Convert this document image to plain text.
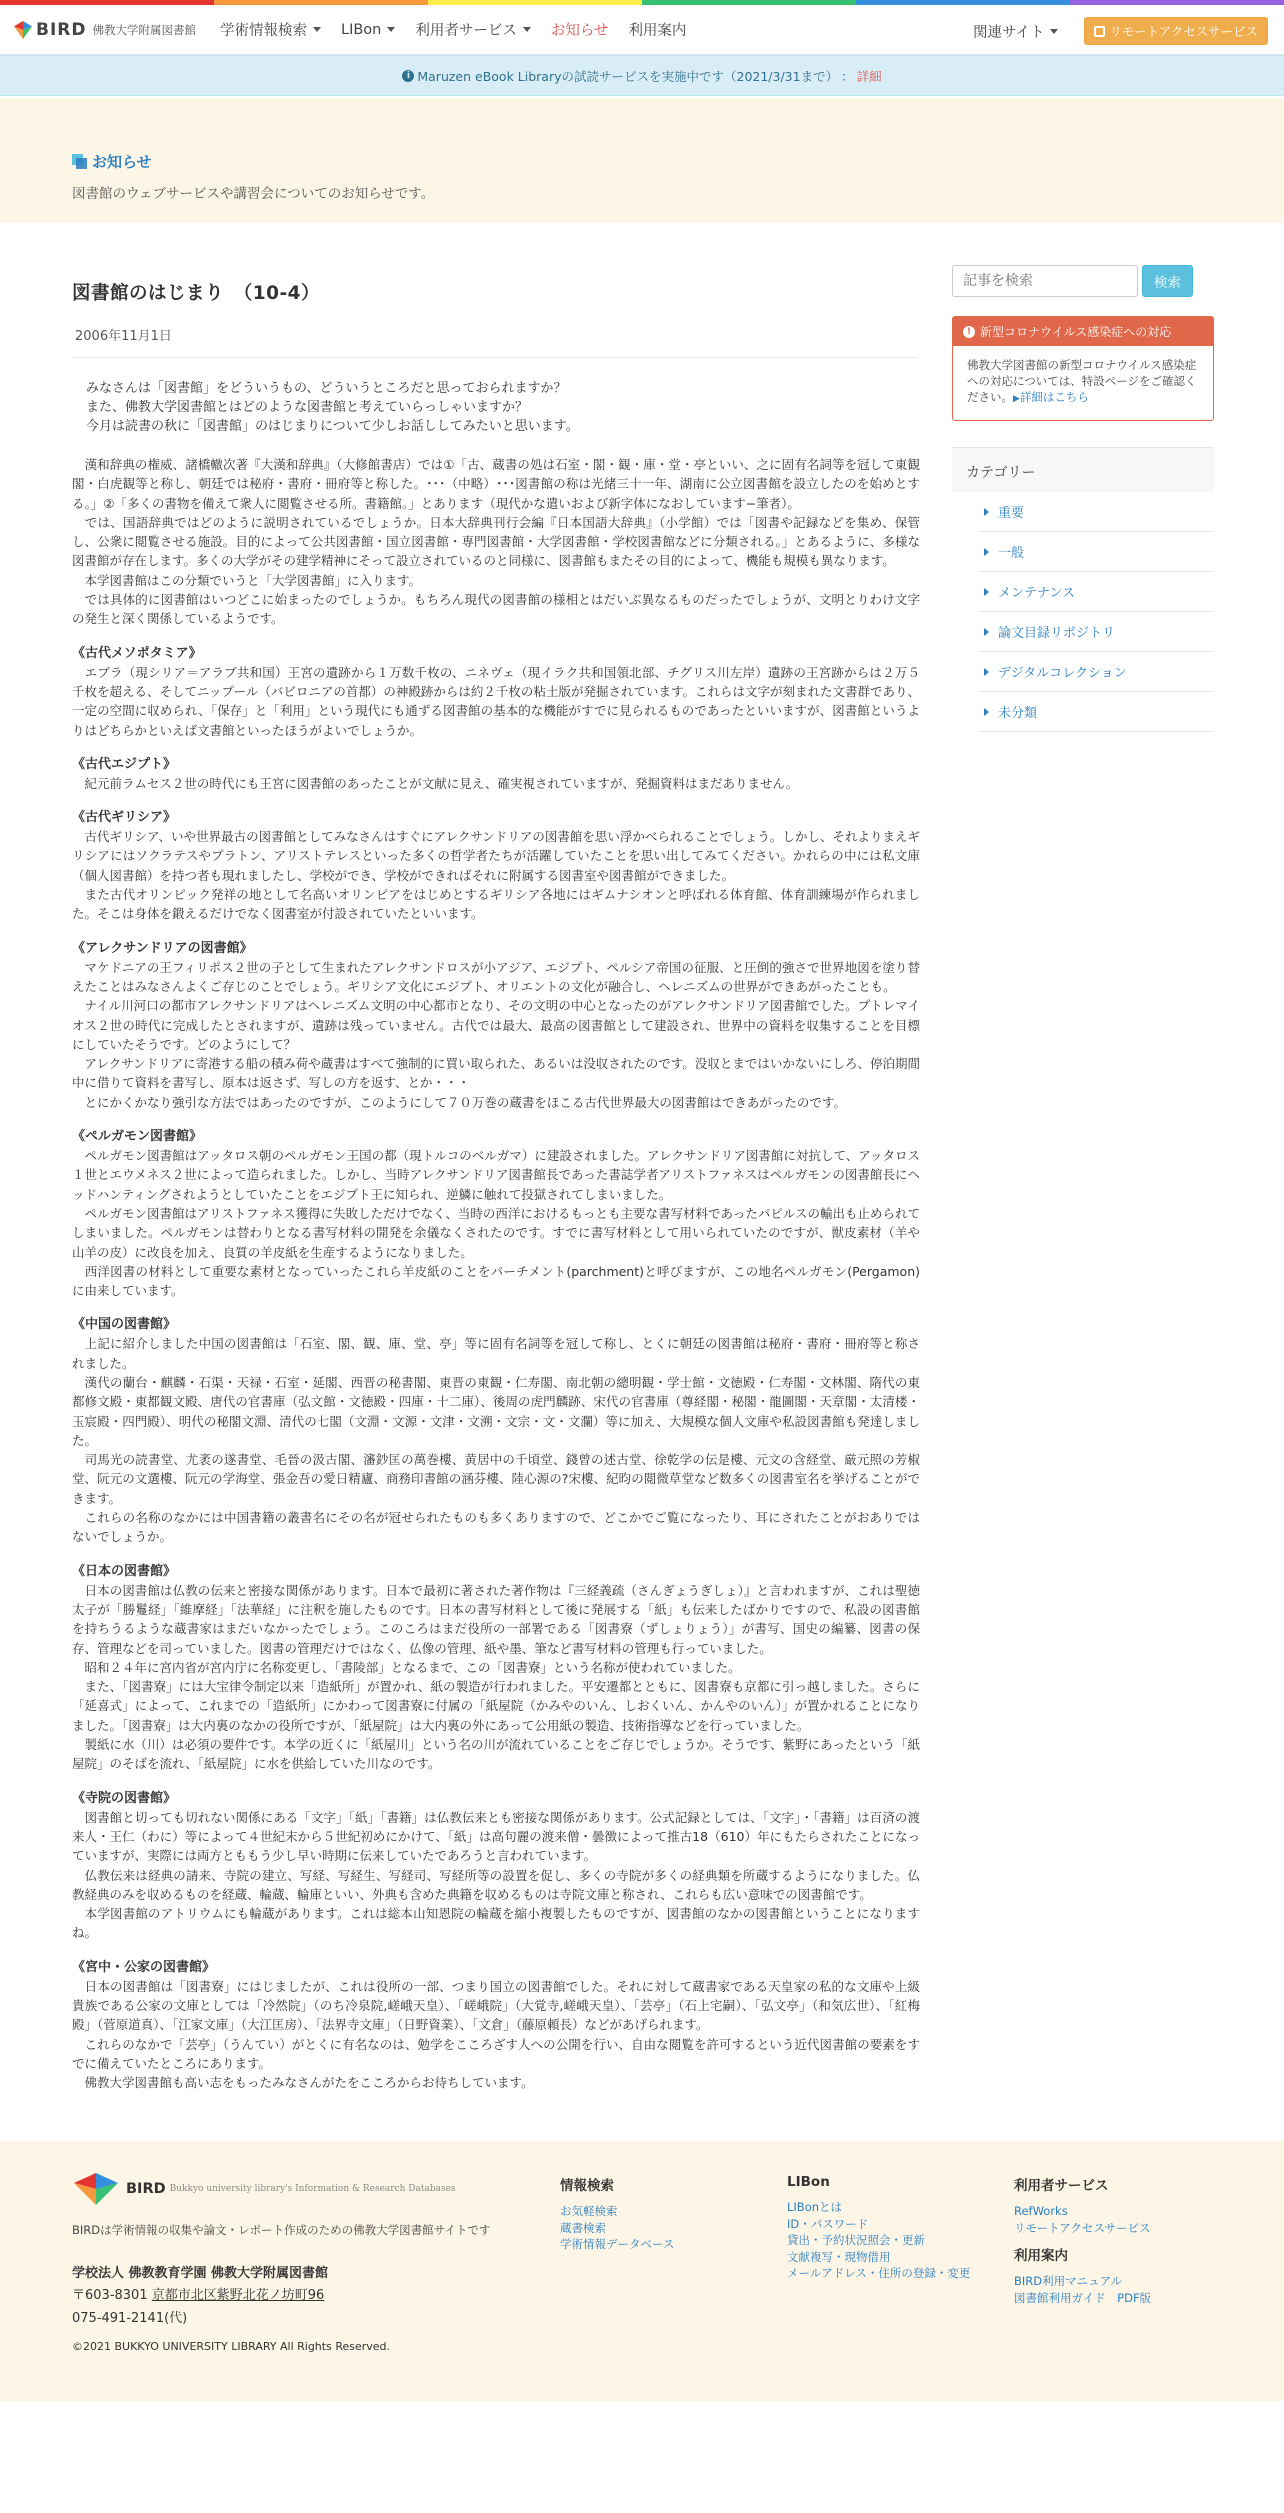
BIRD 佛教大学附属図書館 学術情報検索 LIBon 利用者サービス お知らせ 利用案内	関連サイト	リモートアクセスサービス
i Maruzen eBook Libraryの試読サービスを実施中です（2021/3/31まで） ： 詳細
お知らせ
図書館のウェブサービスや講習会についてのお知らせです。
図書館のはじまり　（10-4）
2006年11月1日

みなさんは「図書館」をどういうもの、どういうところだと思っておられますか？

また、佛教大学図書館とはどのような図書館と考えていらっしゃいますか？

今月は読書の秋に「図書館」のはじまりについて少しお話ししてみたいと思います。

　漢和辞典の権威、諸橋轍次著『大漢和辞典』（大修館書店）では①「古、蔵書の処は石室・閣・観・庫・堂・亭といい、之に固有名詞等を冠して東観閣・白虎観等と称し、朝廷では秘府・書府・冊府等と称した。･･･（中略）･･･図書館の称は光緒三十一年、湖南に公立図書館を設立したのを始めとする。」②「多くの書物を備えて衆人に閲覧させる所。書籍館。」とあります（現代かな遣いおよび新字体になおしています−筆者）。
　では、国語辞典ではどのように説明されているでしょうか。日本大辞典刊行会編『日本国語大辞典』（小学館）では「図書や記録などを集め、保管し、公衆に閲覧させる施設。目的によって公共図書館・国立図書館・専門図書館・大学図書館・学校図書館などに分類される。」とあるように、多様な図書館が存在します。多くの大学がその建学精神にそって設立されているのと同様に、図書館もまたその目的によって、機能も規模も異なります。
　本学図書館はこの分類でいうと「大学図書館」に入ります。
　では具体的に図書館はいつどこに始まったのでしょうか。もちろん現代の図書館の様相とはだいぶ異なるものだったでしょうが、文明とりわけ文字の発生と深く関係しているようです。
《古代メソポタミア》
　エブラ（現シリア＝アラブ共和国）王宮の遺跡から１万数千枚の、ニネヴェ（現イラク共和国領北部、チグリス川左岸）遺跡の王宮跡からは２万５千枚を超える、そしてニップール（バビロニアの首都）の神殿跡からは約２千枚の粘土版が発掘されています。これらは文字が刻まれた文書群であり、一定の空間に収められ、「保存」と「利用」という現代にも通ずる図書館の基本的な機能がすでに見られるものであったといいますが、図書館というよりはどちらかといえば文書館といったほうがよいでしょうか。
《古代エジプト》
　紀元前ラムセス２世の時代にも王宮に図書館のあったことが文献に見え、確実視されていますが、発掘資料はまだありません。
《古代ギリシア》
　古代ギリシア、いや世界最古の図書館としてみなさんはすぐにアレクサンドリアの図書館を思い浮かべられることでしょう。しかし、それよりまえギリシアにはソクラテスやプラトン、アリストテレスといった多くの哲学者たちが活躍していたことを思い出してみてください。かれらの中には私文庫（個人図書館）を持つ者も現れましたし、学校ができ、学校ができればそれに附属する図書室や図書館ができました。
　また古代オリンピック発祥の地として名高いオリンピアをはじめとするギリシア各地にはギムナシオンと呼ばれる体育館、体育訓練場が作られました。そこは身体を鍛えるだけでなく図書室が付設されていたといいます。
《アレクサンドリアの図書館》
　マケドニアの王フィリポス２世の子として生まれたアレクサンドロスが小アジア、エジプト、ペルシア帝国の征服、と圧倒的強さで世界地図を塗り替えたことはみなさんよくご存じのことでしょう。ギリシア文化にエジプト、オリエントの文化が融合し、ヘレニズムの世界ができあがったことも。
　ナイル川河口の都市アレクサンドリアはヘレニズム文明の中心都市となり、その文明の中心となったのがアレクサンドリア図書館でした。プトレマイオス２世の時代に完成したとされますが、遺跡は残っていません。古代では最大、最高の図書館として建設され、世界中の資料を収集することを目標にしていたそうです。どのようにして？
　アレクサンドリアに寄港する船の積み荷や蔵書はすべて強制的に買い取られた、あるいは没収されたのです。没収とまではいかないにしろ、停泊期間中に借りて資料を書写し、原本は返さず、写しの方を返す、とか・・・
　とにかくかなり強引な方法ではあったのですが、このようにして７０万巻の蔵書をほこる古代世界最大の図書館はできあがったのです。
《ペルガモン図書館》
　ペルガモン図書館はアッタロス朝のペルガモン王国の都（現トルコのベルガマ）に建設されました。アレクサンドリア図書館に対抗して、アッタロス１世とエウメネス２世によって造られました。しかし、当時アレクサンドリア図書館長であった書誌学者アリストファネスはペルガモンの図書館長にヘッドハンティングされようとしていたことをエジプト王に知られ、逆鱗に触れて投獄されてしまいました。
　ペルガモン図書館はアリストファネス獲得に失敗しただけでなく、当時の西洋におけるもっとも主要な書写材料であったパピルスの輸出も止められてしまいました。ペルガモンは替わりとなる書写材料の開発を余儀なくされたのです。すでに書写材料として用いられていたのですが、獣皮素材（羊や山羊の皮）に改良を加え、良質の羊皮紙を生産するようになりました。
　西洋図書の材料として重要な素材となっていったこれら羊皮紙のことをパーチメント(parchment)と呼びますが、この地名ペルガモン(Pergamon)に由来しています。
《中国の図書館》
　上記に紹介しました中国の図書館は「石室、閣、観、庫、堂、亭」等に固有名詞等を冠して称し、とくに朝廷の図書館は秘府・書府・冊府等と称されました。
　漢代の蘭台・麒麟・石渠・天禄・石室・延閣、西晋の秘書閣、東晋の東観・仁寿閣、南北朝の總明観・学士館・文徳殿・仁寿閣・文林閣、隋代の東都修文殿・東都観文殿、唐代の官書庫（弘文館・文徳殿・四庫・十二庫）、後周の虎門麟跡、宋代の官書庫（尊経閣・秘閣・龍圖閣・天章閣・太清楼・玉宸殿・四門殿）、明代の秘閣文淵、清代の七閣（文淵・文源・文津・文溯・文宗・文・文瀾）等に加え、大規模な個人文庫や私設図書館も発達しました。
　司馬光の読書堂、尤袤の遂書堂、毛晉の汲古閣、瀋鈔匡の萬巻樓、黄居中の千頃堂、錢曾の述古堂、徐乾学の伝是樓、元文の含経堂、厳元照の芳椒堂、阮元の文選樓、阮元の学海堂、張金吾の愛日精廬、商務印書館の涵芬樓、陸心源の?宋樓、紀昀の閲微草堂など数多くの図書室名を挙げることができます。
　これらの名称のなかには中国書籍の叢書名にその名が冠せられたものも多くありますので、どこかでご覧になったり、耳にされたことがおありではないでしょうか。
《日本の図書館》
　日本の図書館は仏教の伝来と密接な関係があります。日本で最初に著された著作物は『三経義疏（さんぎょうぎしょ）』と言われますが、これは聖徳太子が「勝鬘経」「維摩経」「法華経」に注釈を施したものです。日本の書写材料として後に発展する「紙」も伝来したばかりですので、私設の図書館を持ちうるような蔵書家はまだいなかったでしょう。このころはまだ役所の一部署である「図書寮（ずしょりょう）」が書写、国史の編纂、図書の保存、管理などを司っていました。図書の管理だけではなく、仏像の管理、紙や墨、筆など書写材料の管理も行っていました。
　昭和２４年に宮内省が宮内庁に名称変更し、「書陵部」となるまで、この「図書寮」という名称が使われていました。
　また、「図書寮」には大宝律令制定以来「造紙所」が置かれ、紙の製造が行われました。平安遷都とともに、図書寮も京都に引っ越しました。さらに「延喜式」によって、これまでの「造紙所」にかわって図書寮に付属の「紙屋院（かみやのいん、しおくいん、かんやのいん）」が置かれることになりました。「図書寮」は大内裏のなかの役所ですが、「紙屋院」は大内裏の外にあって公用紙の製造、技術指導などを行っていました。
　製紙に水（川）は必須の要件です。本学の近くに「紙屋川」という名の川が流れていることをご存じでしょうか。そうです、紫野にあったという「紙屋院」のそばを流れ、「紙屋院」に水を供給していた川なのです。
《寺院の図書館》
　図書館と切っても切れない関係にある「文字」「紙」「書籍」は仏教伝来とも密接な関係があります。公式記録としては、「文字」・「書籍」は百済の渡来人・王仁（わに）等によって４世紀末から５世紀初めにかけて、「紙」は高句麗の渡来僧・曇徴によって推古18（610）年にもたらされたことになっていますが、実際には両方とももう少し早い時期に伝来していたであろうと言われています。
　仏教伝来は経典の請来、寺院の建立、写経、写経生、写経司、写経所等の設置を促し、多くの寺院が多くの経典類を所蔵するようになりました。仏教経典のみを収めるものを経蔵、輪蔵、輪庫といい、外典も含めた典籍を収めるものは寺院文庫と称され、これらも広い意味での図書館です。
　本学図書館のアトリウムにも輪蔵があります。これは総本山知恩院の輪蔵を縮小複製したものですが、図書館のなかの図書館ということになりますね。
《宮中・公家の図書館》
　日本の図書館は「図書寮」にはじましたが、これは役所の一部、つまり国立の図書館でした。それに対して蔵書家である天皇家の私的な文庫や上級貴族である公家の文庫としては「冷然院」（のち冷泉院,嵯峨天皇）、「嵯峨院」（大覚寺,嵯峨天皇）、「芸亭」（石上宅嗣）、「弘文亭」（和気広世）、「紅梅殿」（菅原道真）、「江家文庫」（大江匡房）、「法界寺文庫」（日野資業）、「文倉」（藤原頼長）などがあげられます。
　これらのなかで「芸亭」（うんてい）がとくに有名なのは、勉学をこころざす人への公開を行い、自由な閲覧を許可するという近代図書館の要素をすでに備えていたところにあります。
　佛教大学図書館も高い志をもったみなさんがたをこころからお待ちしています。
記事を検索
検索
! 新型コロナウイルス感染症への対応
佛教大学図書館の新型コロナウイルス感染症への対応については、特設ページをご確認ください。▶詳細はこちら
カテゴリー
重要
一般
メンテナンス
論文目録リポジトリ
デジタルコレクション
未分類
BIRD Bukkyo university library's Information & Research Databases
BIRDは学術情報の収集や論文・レポート作成のための佛教大学図書館サイトです
学校法人 佛教教育学園 佛教大学附属図書館
〒603-8301 京都市北区紫野北花ノ坊町96
075-491-2141(代)
©2021 BUKKYO UNIVERSITY LIBRARY All Rights Reserved.
情報検索
お気軽検索
蔵書検索
学術情報データベース
LIBon
LIBonとは
ID・パスワード
貸出・予約状況照会・更新
文献複写・現物借用
メールアドレス・住所の登録・変更
利用者サービス
RefWorks
リモートアクセスサービス
利用案内
BIRD利用マニュアル
図書館利用ガイド　PDF版
